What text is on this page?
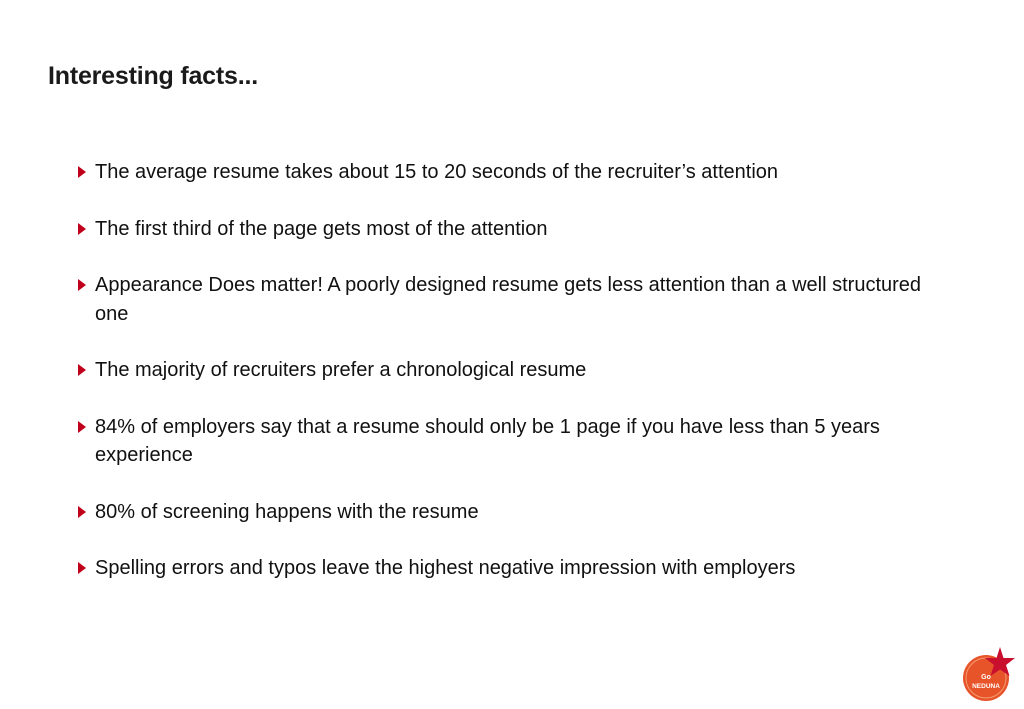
Interesting facts...
The average resume takes about 15 to 20 seconds of the recruiter’s attention
The first third of the page gets most of the attention
Appearance Does matter! A poorly designed resume gets less attention than a well structured one
The majority of recruiters prefer a chronological resume
84% of employers say that a resume should only be 1 page if you have less than 5 years experience
80% of screening happens with the resume
Spelling errors and typos leave the highest negative impression with employers
Go
NEDUNA
